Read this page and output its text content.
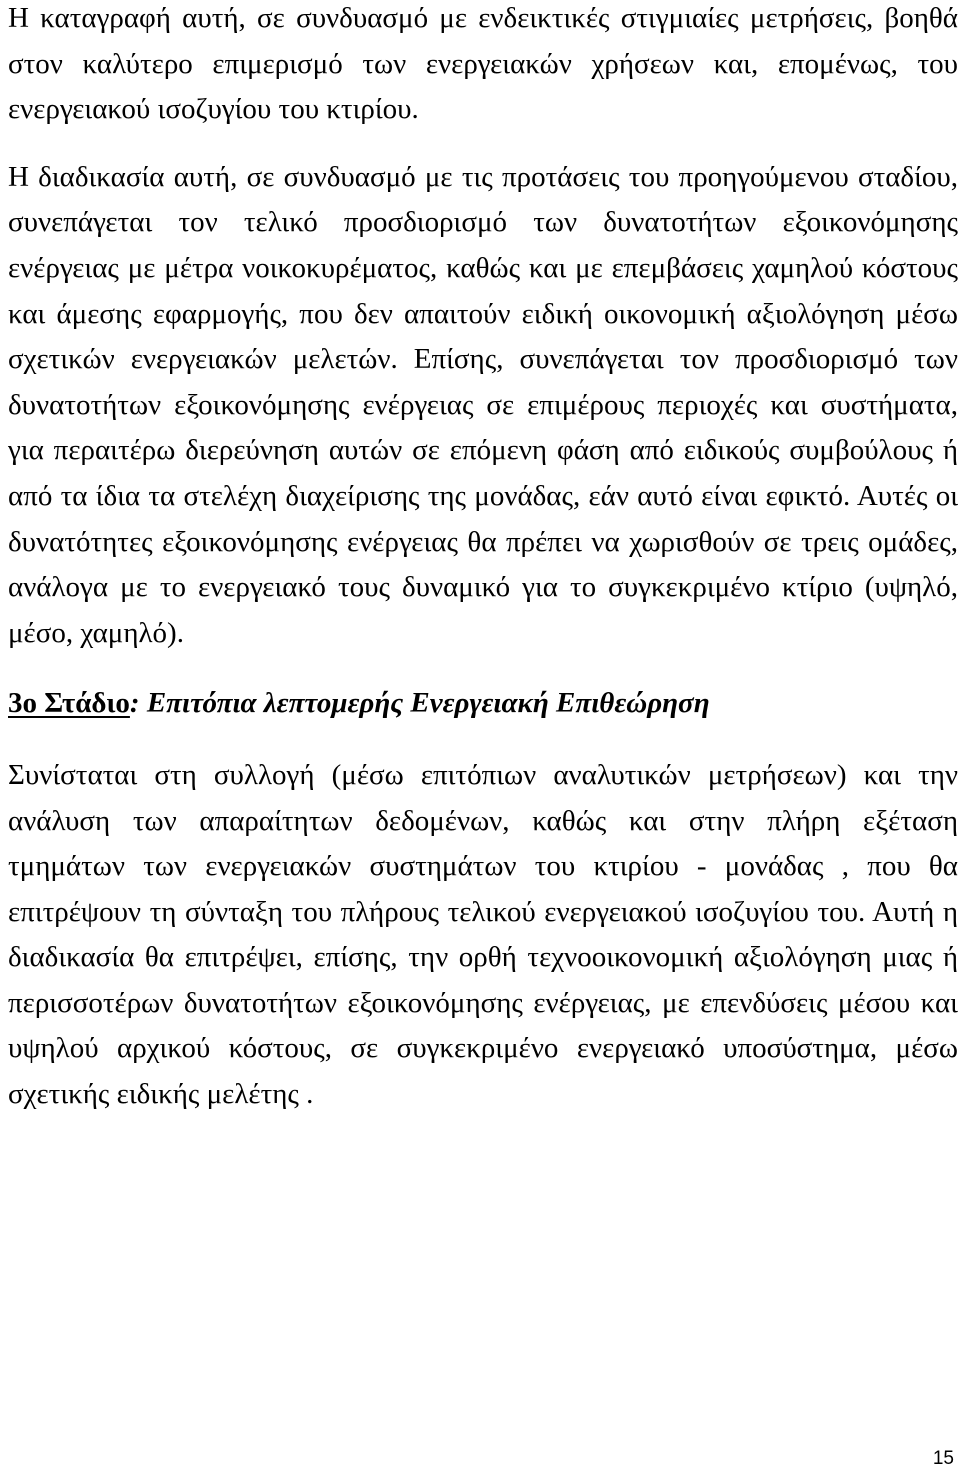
Η καταγραφή αυτή, σε συνδυασμό με ενδεικτικές στιγμιαίες μετρήσεις, βοηθά στον καλύτερο επιμερισμό των ενεργειακών χρήσεων και, επομένως, του ενεργειακού ισοζυγίου του κτιρίου.

Η διαδικασία αυτή, σε συνδυασμό με τις προτάσεις του προηγούμενου σταδίου, συνεπάγεται τον τελικό προσδιορισμό των δυνατοτήτων εξοικονόμησης ενέργειας με μέτρα νοικοκυρέματος, καθώς και με επεμβάσεις χαμηλού κόστους και άμεσης εφαρμογής, που δεν απαιτούν ειδική οικονομική αξιολόγηση μέσω σχετικών ενεργειακών μελετών. Επίσης, συνεπάγεται τον προσδιορισμό των δυνατοτήτων εξοικονόμησης ενέργειας σε επιμέρους περιοχές και συστήματα, για περαιτέρω διερεύνηση αυτών σε επόμενη φάση από ειδικούς συμβούλους ή από τα ίδια τα στελέχη διαχείρισης της μονάδας, εάν αυτό είναι εφικτό. Αυτές οι δυνατότητες εξοικονόμησης ενέργειας θα πρέπει να χωρισθούν σε τρεις ομάδες, ανάλογα με το ενεργειακό τους δυναμικό για το συγκεκριμένο κτίριο (υψηλό, μέσο, χαμηλό).

3ο Στάδιο: Επιτόπια λεπτομερής Ενεργειακή Επιθεώρηση

Συνίσταται στη συλλογή (μέσω επιτόπιων αναλυτικών μετρήσεων) και την ανάλυση των απαραίτητων δεδομένων, καθώς και στην πλήρη εξέταση τμημάτων των ενεργειακών συστημάτων του κτιρίου - μονάδας , που θα επιτρέψουν τη σύνταξη του πλήρους τελικού ενεργειακού ισοζυγίου του. Αυτή η διαδικασία θα επιτρέψει, επίσης, την ορθή τεχνοοικονομική αξιολόγηση μιας ή περισσοτέρων δυνατοτήτων εξοικονόμησης ενέργειας, με επενδύσεις μέσου και υψηλού αρχικού κόστους, σε συγκεκριμένο ενεργειακό υποσύστημα, μέσω σχετικής ειδικής μελέτης .

15
